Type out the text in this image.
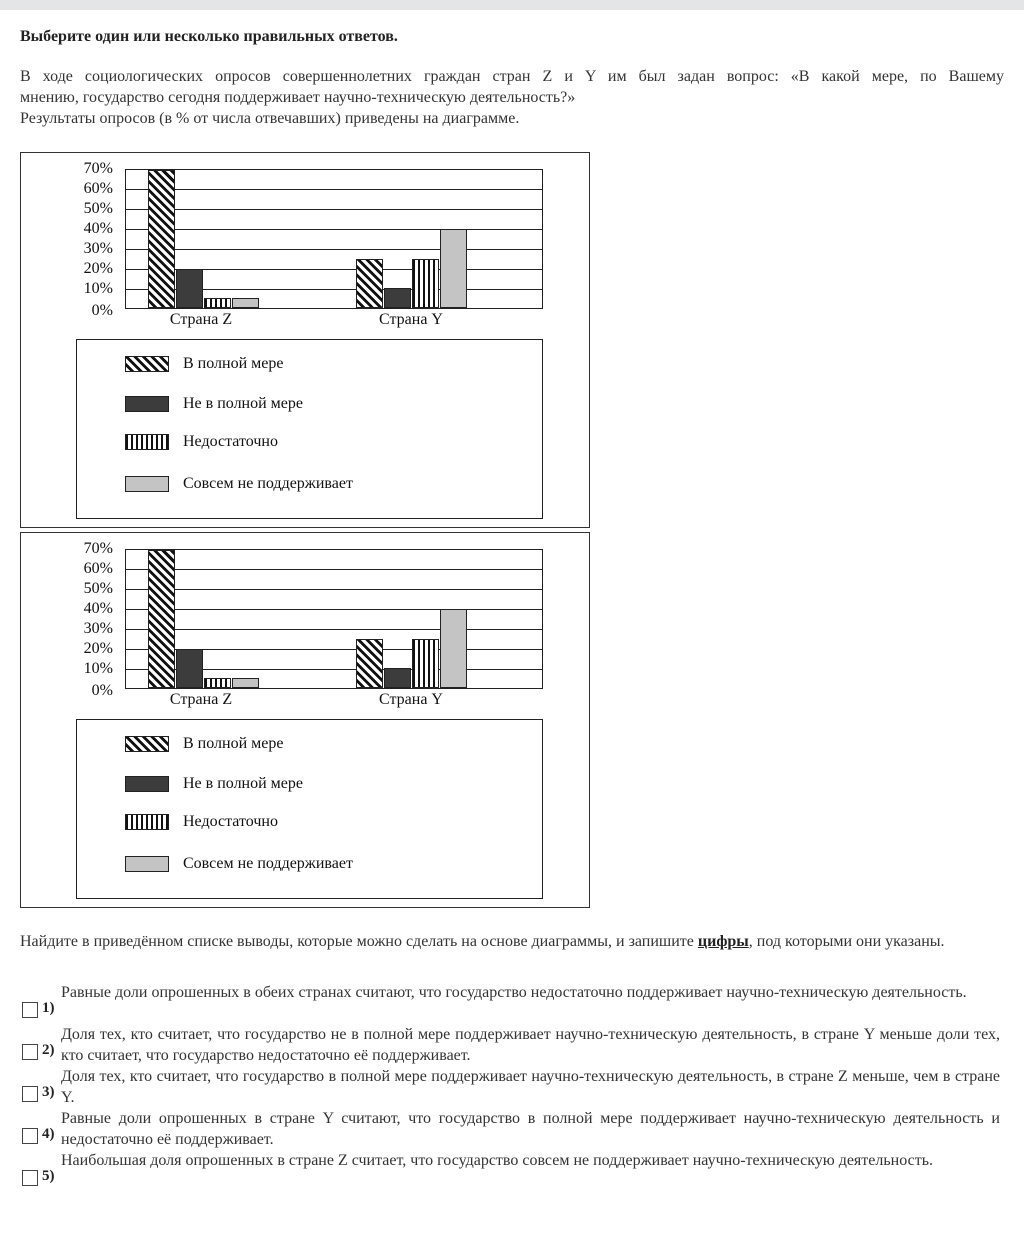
Выберите один или несколько правильных ответов.
В ходе социологических опросов совершеннолетних граждан стран Z и Y им был задан вопрос: «В какой мере, по Вашему
мнению, государство сегодня поддерживает научно-техническую деятельность?»
Результаты опросов (в % от числа отвечавших) приведены на диаграмме.
70%
60%
50%
40%
30%
20%
10%
0%
Страна Z	Страна Y
В полной мере
Не в полной мере
Недостаточно
Совсем не поддерживает
70%
60%
50%
40%
30%
20%
10%
0%
Страна Z	Страна Y
В полной мере
Не в полной мере
Недостаточно
Совсем не поддерживает
Найдите в приведённом списке выводы, которые можно сделать на основе диаграммы, и запишите цифры, под которыми они указаны.
1)
Равные доли опрошенных в обеих странах считают, что государство недостаточно поддерживает научно-техническую деятельность.
2)
Доля тех, кто считает, что государство не в полной мере поддерживает научно-техническую деятельность, в стране Y меньше доли тех, кто считает, что государство недостаточно её поддерживает.
3)
Доля тех, кто считает, что государство в полной мере поддерживает научно-техническую деятельность, в стране Z меньше, чем в стране Y.
4)
Равные доли опрошенных в стране Y считают, что государство в полной мере поддерживает научно-техническую деятельность и недостаточно её поддерживает.
5)
Наибольшая доля опрошенных в стране Z считает, что государство совсем не поддерживает научно-техническую деятельность.
